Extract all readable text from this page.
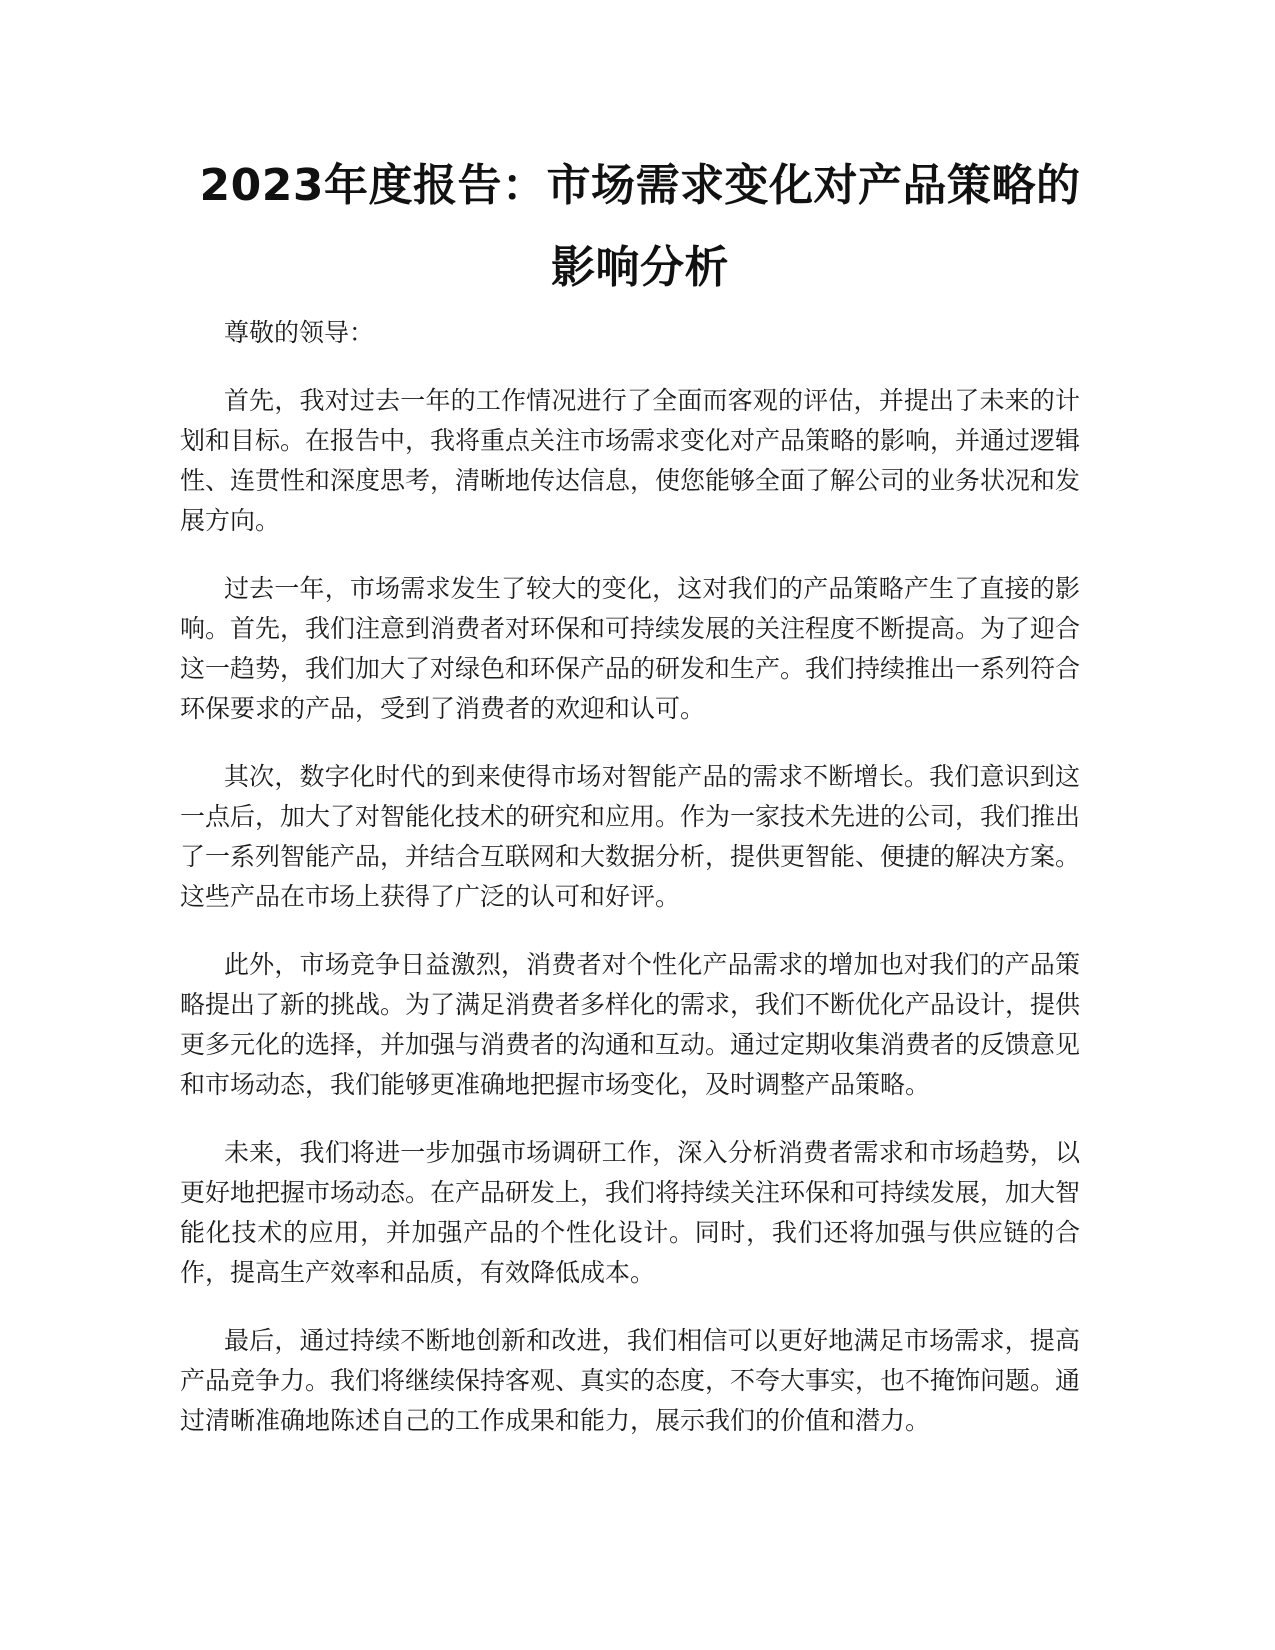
2023年度报告：市场需求变化对产品策略的影响分析

尊敬的领导：

首先，我对过去一年的工作情况进行了全面而客观的评估，并提出了未来的计划和目标。在报告中，我将重点关注市场需求变化对产品策略的影响，并通过逻辑性、连贯性和深度思考，清晰地传达信息，使您能够全面了解公司的业务状况和发展方向。

过去一年，市场需求发生了较大的变化，这对我们的产品策略产生了直接的影响。首先，我们注意到消费者对环保和可持续发展的关注程度不断提高。为了迎合这一趋势，我们加大了对绿色和环保产品的研发和生产。我们持续推出一系列符合环保要求的产品，受到了消费者的欢迎和认可。

其次，数字化时代的到来使得市场对智能产品的需求不断增长。我们意识到这一点后，加大了对智能化技术的研究和应用。作为一家技术先进的公司，我们推出了一系列智能产品，并结合互联网和大数据分析，提供更智能、便捷的解决方案。这些产品在市场上获得了广泛的认可和好评。

此外，市场竞争日益激烈，消费者对个性化产品需求的增加也对我们的产品策略提出了新的挑战。为了满足消费者多样化的需求，我们不断优化产品设计，提供更多元化的选择，并加强与消费者的沟通和互动。通过定期收集消费者的反馈意见和市场动态，我们能够更准确地把握市场变化，及时调整产品策略。

未来，我们将进一步加强市场调研工作，深入分析消费者需求和市场趋势，以更好地把握市场动态。在产品研发上，我们将持续关注环保和可持续发展，加大智能化技术的应用，并加强产品的个性化设计。同时，我们还将加强与供应链的合作，提高生产效率和品质，有效降低成本。

最后，通过持续不断地创新和改进，我们相信可以更好地满足市场需求，提高产品竞争力。我们将继续保持客观、真实的态度，不夸大事实，也不掩饰问题。通过清晰准确地陈述自己的工作成果和能力，展示我们的价值和潜力。
